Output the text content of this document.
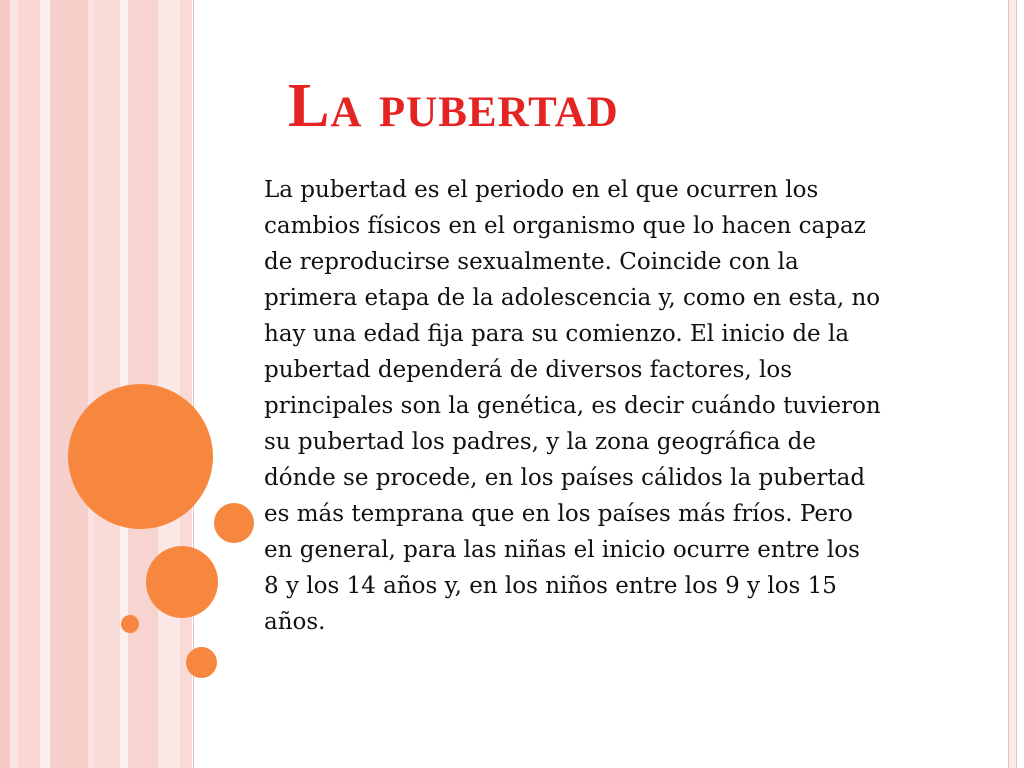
La pubertad
La pubertad es el periodo en el que ocurren los
cambios físicos en el organismo que lo hacen capaz
de reproducirse sexualmente. Coincide con la
primera etapa de la adolescencia y, como en esta, no
hay una edad fija para su comienzo. El inicio de la
pubertad dependerá de diversos factores, los
principales son la genética, es decir cuándo tuvieron
su pubertad los padres, y la zona geográfica de
dónde se procede, en los países cálidos la pubertad
es más temprana que en los países más fríos. Pero
en general, para las niñas el inicio ocurre entre los
8 y los 14 años y, en los niños entre los 9 y los 15
años.
